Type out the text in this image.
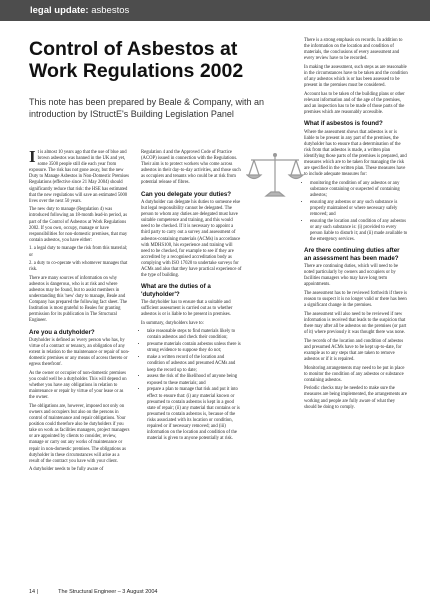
legal update: asbestos
Control of Asbestos at Work Regulations 2002

This note has been prepared by Beale & Company, with an introduction by IStructE's Building Legislation Panel

It is almost 10 years ago that the use of blue and brown asbestos was banned in the UK and yet, some 3500 people still die each year from exposure. The risk has not gone away, but the new Duty to Manage Asbestos in Non-Domestic Premises Regulations (effective since 21 May 2004) should significantly reduce that risk: the HSE has estimated that the new regulations will save an estimated 5000 lives over the next 50 years.

The new duty to manage (Regulation 4) was introduced following an 18-month lead-in period, as part of the Control of Asbestos at Work Regulations 2002. If you own, occupy, manage or have responsibilities for non-domestic premises, that may contain asbestos, you have either:

1. a legal duty to manage the risk from this material; or

2. a duty to co-operate with whomever manages that risk.

There are many sources of information on why asbestos is dangerous, who is at risk and where asbestos may be found, but to assist members in understanding this 'new' duty to manage, Beale and Company has prepared the following fact sheet. The Institution is most grateful to Beales for granting permission for its publication in The Structural Engineer.

Are you a dutyholder?

Dutyholder is defined as 'every person who has, by virtue of a contract or tenancy, an obligation of any extent in relation to the maintenance or repair of non-domestic premises or any means of access thereto or egress therefrom'.

As the owner or occupier of non-domestic premises you could well be a dutyholder. This will depend on whether you have any obligations in relation to maintenance or repair by virtue of your lease or as the owner.

The obligations are, however, imposed not only on owners and occupiers but also on the persons in control of maintenance and repair obligations. Your position could therefore also be dutyholders if you take on work as facilities managers, project managers or are appointed by clients to consider, review, manage or carry out any works of maintenance or repair in non-domestic premises. The obligations as dutyholder in these circumstances will arise as a result of the contract you have with your client.

A dutyholder needs to be fully aware of

Regulation 4 and the Approved Code of Practice (ACOP) issued in connection with the Regulations. Their aim is to protect workers who come across asbestos in their day-to-day activities, and those such as occupiers and tenants who could be at risk from potential release of fibres.

Can you delegate your duties?

A dutyholder can delegate his duties to someone else but legal responsibility cannot be delegated. The person to whom any duties are delegated must have suitable competence and training, and this would need to be checked. If it is necessary to appoint a third party to carry out a survey and assessment of asbestos-containing materials (ACMs) in accordance with MDHS100, his experience and training will need to be checked, for example to see if they are accredited by a recognised accreditation body as complying with ISO 17020 to undertake surveys for ACMs and also that they have practical experience of the type of building.

What are the duties of a 'dutyholder'?

The dutyholder has to ensure that a suitable and sufficient assessment is carried out as to whether asbestos is or is liable to be present in premises.

In summary, dutyholders have to:

• take reasonable steps to find materials likely to contain asbestos and check their condition;
• presume materials contain asbestos unless there is strong evidence to suppose they do not;
• make a written record of the location and condition of asbestos and presumed ACMs and keep the record up to date;
• assess the risk of the likelihood of anyone being exposed to these materials; and
• prepare a plan to manage that risk and put it into effect to ensure that: (i) any material known or presumed to contain asbestos is kept in a good state of repair; (ii) any material that contains or is presumed to contain asbestos is, because of the risks associated with its location or condition, repaired or if necessary removed; and (iii) information on the location and condition of the material is given to anyone potentially at risk.

There is a strong emphasis on records. In addition to the information on the location and condition of materials, the conclusions of every assessment and every review have to be recorded.

In making the assessment, such steps as are reasonable in the circumstances have to be taken and the condition of any asbestos which is or has been assessed to be present in the premises must be considered.

Account has to be taken of the building plans or other relevant information and of the age of the premises, and an inspection has to be made of those parts of the premises which are reasonably accessible.

What if asbestos is found?

Where the assessment shows that asbestos is or is liable to be present in any part of the premises, the dutyholder has to ensure that a determination of the risk from that asbestos is made, a written plan identifying those parts of the premises is prepared, and measures which are to be taken for managing the risk are specified in the written plan. These measures have to include adequate measures for:

• monitoring the condition of any asbestos or any substance containing or suspected of containing asbestos;
• ensuring any asbestos or any such substance is properly maintained or where necessary safely removed; and
• ensuring the location and condition of any asbestos or any such substance is: (i) provided to every person liable to disturb it; and (ii) made available to the emergency services.
Are there continuing duties after an assessment has been made?

There are continuing duties, which will need to be noted particularly by owners and occupiers or by facilities managers who may have long term appointments.

The assessment has to be reviewed forthwith if there is reason to suspect it is no longer valid or there has been a significant change in the premises.

The assessment will also need to be reviewed if new information is received that leads to the suspicion that there may after all be asbestos on the premises (or part of it) where previously it was thought there was none.

The records of the location and condition of asbestos and presumed ACMs have to be kept up-to-date, for example as to any steps that are taken to remove asbestos or if it is repaired.

Monitoring arrangements may need to be put in place to monitor the condition of any asbestos or substance containing asbestos.

Periodic checks may be needed to make sure the measures are being implemented, the arrangements are working and people are fully aware of what they should be doing to comply.

14 |	The Structural Engineer – 3 August 2004
